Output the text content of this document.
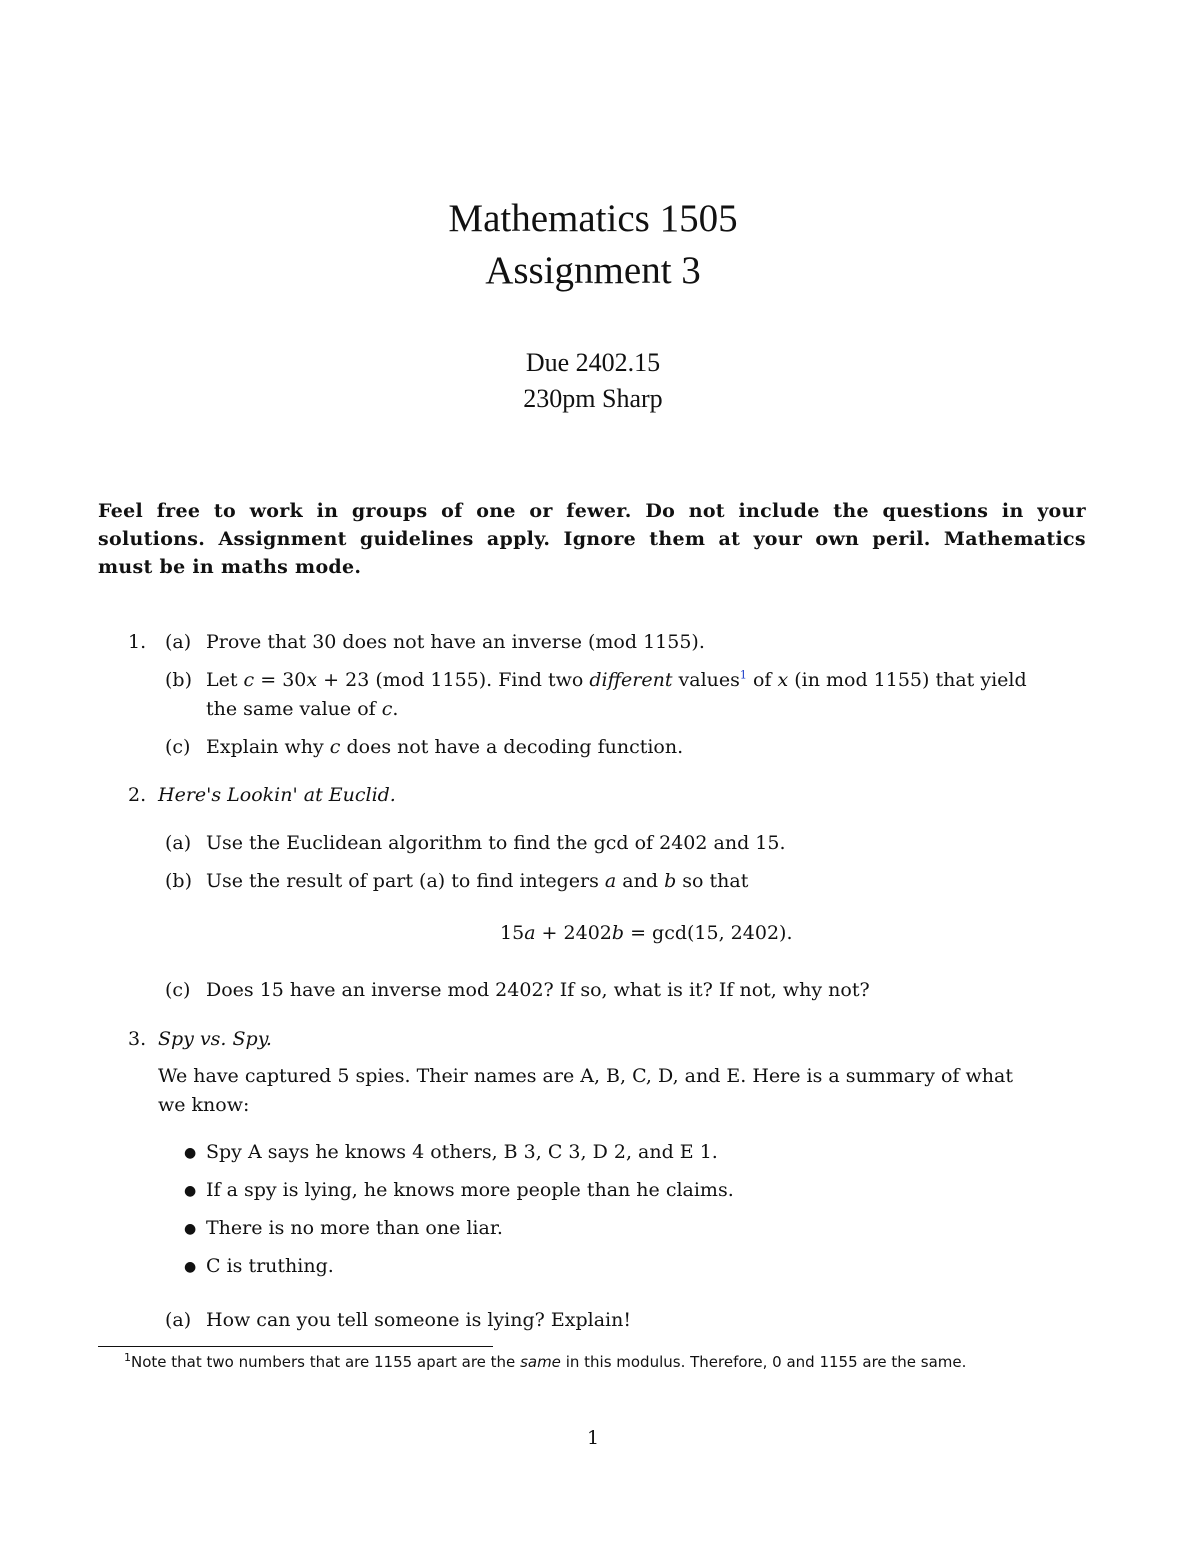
Mathematics 1505
Assignment 3
Due 2402.15
230pm Sharp
Feel free to work in groups of one or fewer. Do not include the questions in your
solutions. Assignment guidelines apply. Ignore them at your own peril. Mathematics
must be in maths mode.
1. (a) Prove that 30 does not have an inverse (mod 1155).
(b) Let c = 30x + 23 (mod 1155). Find two different values$^1$ of x (in mod 1155) that yield
the same value of c.
(c) Explain why c does not have a decoding function.
2. Here's Lookin' at Euclid.
(a) Use the Euclidean algorithm to find the gcd of 2402 and 15.
(b) Use the result of part (a) to find integers a and b so that
15a + 2402b = gcd(15, 2402).
(c) Does 15 have an inverse mod 2402? If so, what is it? If not, why not?
3. Spy vs. Spy.
We have captured 5 spies. Their names are A, B, C, D, and E. Here is a summary of what
we know:
● Spy A says he knows 4 others, B 3, C 3, D 2, and E 1.
● If a spy is lying, he knows more people than he claims.
● There is no more than one liar.
● C is truthing.
(a) How can you tell someone is lying? Explain!
$^1$Note that two numbers that are 1155 apart are the same in this modulus. Therefore, 0 and 1155 are the same.
1
